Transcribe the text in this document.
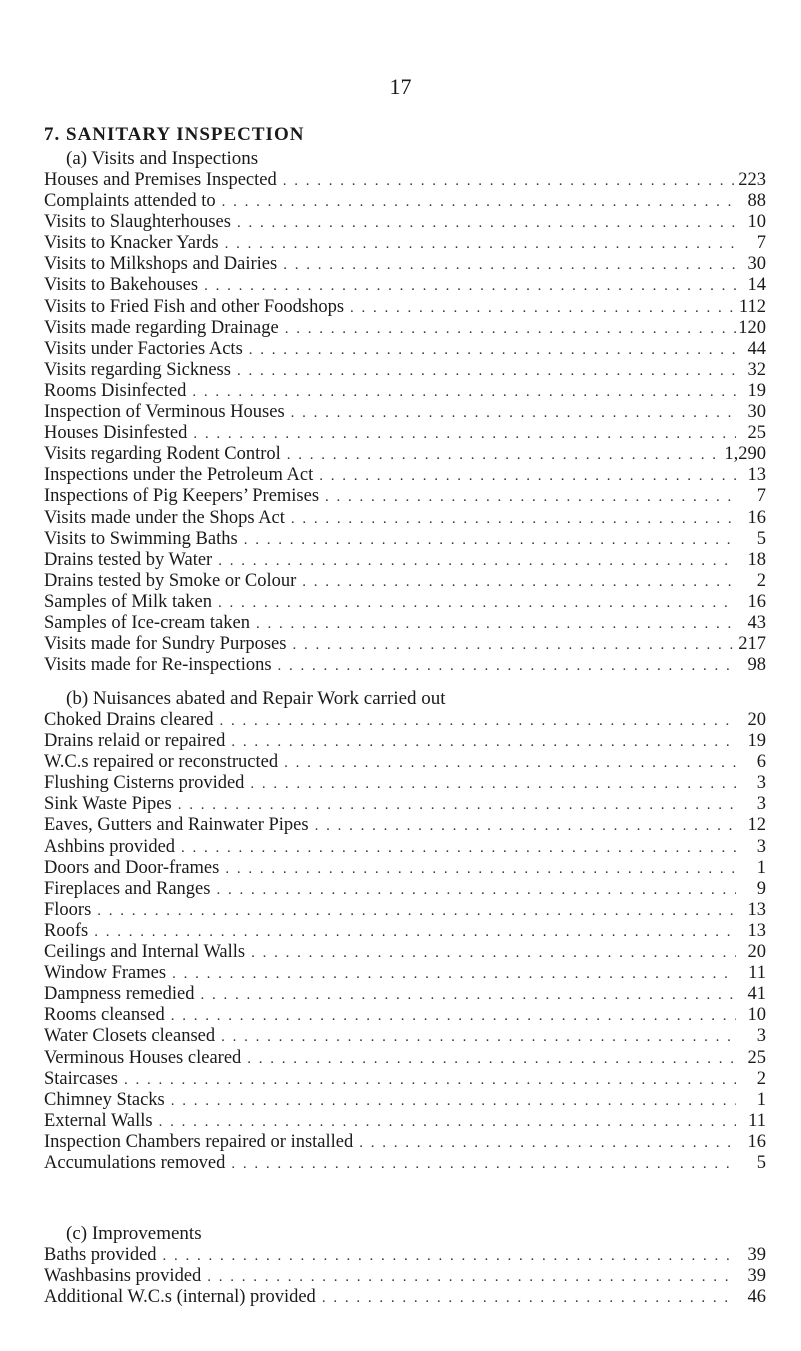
17
7. SANITARY INSPECTION
(a) Visits and Inspections
Houses and Premises Inspected . . .	223
Complaints attended to . . .	88
Visits to Slaughterhouses . . .	10
Visits to Knacker Yards . . .	7
Visits to Milkshops and Dairies . . .	30
Visits to Bakehouses . . .	14
Visits to Fried Fish and other Foodshops . . .	112
Visits made regarding Drainage . . .	120
Visits under Factories Acts . . .	44
Visits regarding Sickness . . .	32
Rooms Disinfected . . .	19
Inspection of Verminous Houses . . .	30
Houses Disinfested . . .	25
Visits regarding Rodent Control . . .	1,290
Inspections under the Petroleum Act . . .	13
Inspections of Pig Keepers’ Premises . . .	7
Visits made under the Shops Act . . .	16
Visits to Swimming Baths . . .	5
Drains tested by Water . . .	18
Drains tested by Smoke or Colour . . .	2
Samples of Milk taken . . .	16
Samples of Ice-cream taken . . .	43
Visits made for Sundry Purposes . . .	217
Visits made for Re-inspections . . .	98
(b) Nuisances abated and Repair Work carried out
Choked Drains cleared . . .	20
Drains relaid or repaired . . .	19
W.C.s repaired or reconstructed . . .	6
Flushing Cisterns provided . . .	3
Sink Waste Pipes . . .	3
Eaves, Gutters and Rainwater Pipes . . .	12
Ashbins provided . . .	3
Doors and Door-frames . . .	1
Fireplaces and Ranges . . .	9
Floors . . .	13
Roofs . . .	13
Ceilings and Internal Walls . . .	20
Window Frames . . .	11
Dampness remedied . . .	41
Rooms cleansed . . .	10
Water Closets cleansed . . .	3
Verminous Houses cleared . . .	25
Staircases . . .	2
Chimney Stacks . . .	1
External Walls . . .	11
Inspection Chambers repaired or installed . . .	16
Accumulations removed . . .	5
(c) Improvements
Baths provided . . .	39
Washbasins provided . . .	39
Additional W.C.s (internal) provided . . .	46
